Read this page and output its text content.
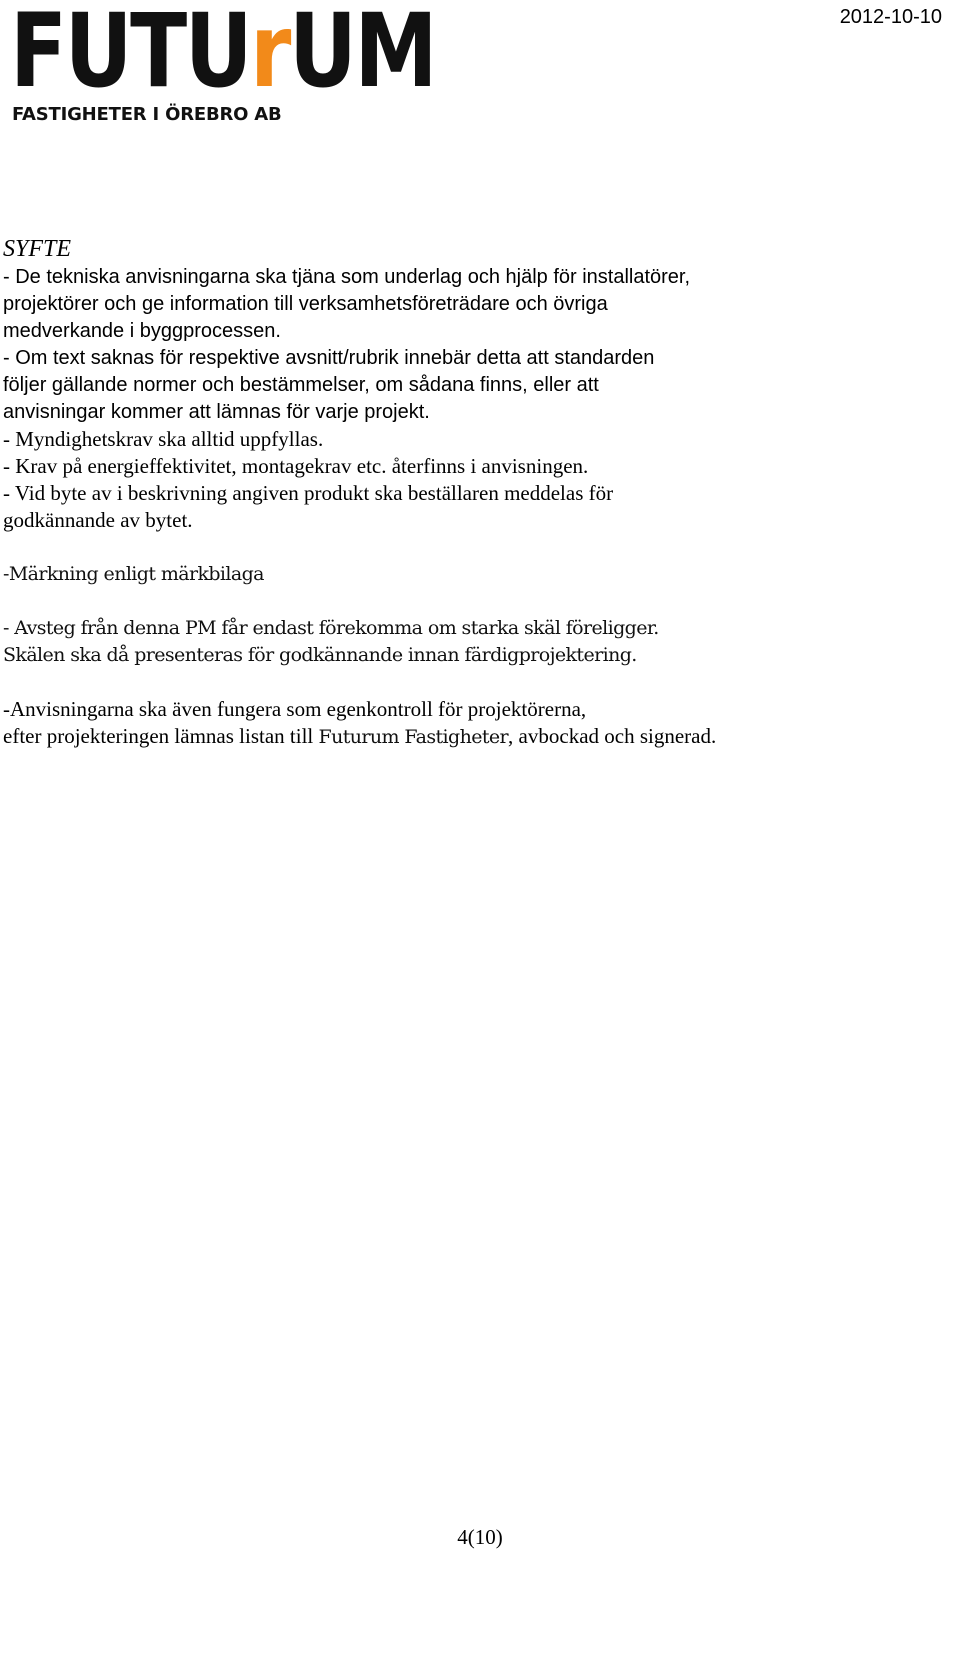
FUTU r UM
FASTIGHETER I ÖREBRO AB
2012-10-10

SYFTE

- De tekniska anvisningarna ska tjäna som underlag och hjälp för installatörer,

projektörer och ge information till verksamhetsföreträdare och övriga

medverkande i byggprocessen.

- Om text saknas för respektive avsnitt/rubrik innebär detta att standarden

följer gällande normer och bestämmelser, om sådana finns, eller att

anvisningar kommer att lämnas för varje projekt.

- Myndighetskrav ska alltid uppfyllas.

- Krav på energieffektivitet, montagekrav etc. återfinns i anvisningen.

- Vid byte av i beskrivning angiven produkt ska beställaren meddelas för

godkännande av bytet.

-Märkning enligt märkbilaga

- Avsteg från denna PM får endast förekomma om starka skäl föreligger.

Skälen ska då presenteras för godkännande innan färdigprojektering.

-Anvisningarna ska även fungera som egenkontroll för projektörerna,

efter projekteringen lämnas listan till Futurum Fastigheter, avbockad och signerad.

4(10)
